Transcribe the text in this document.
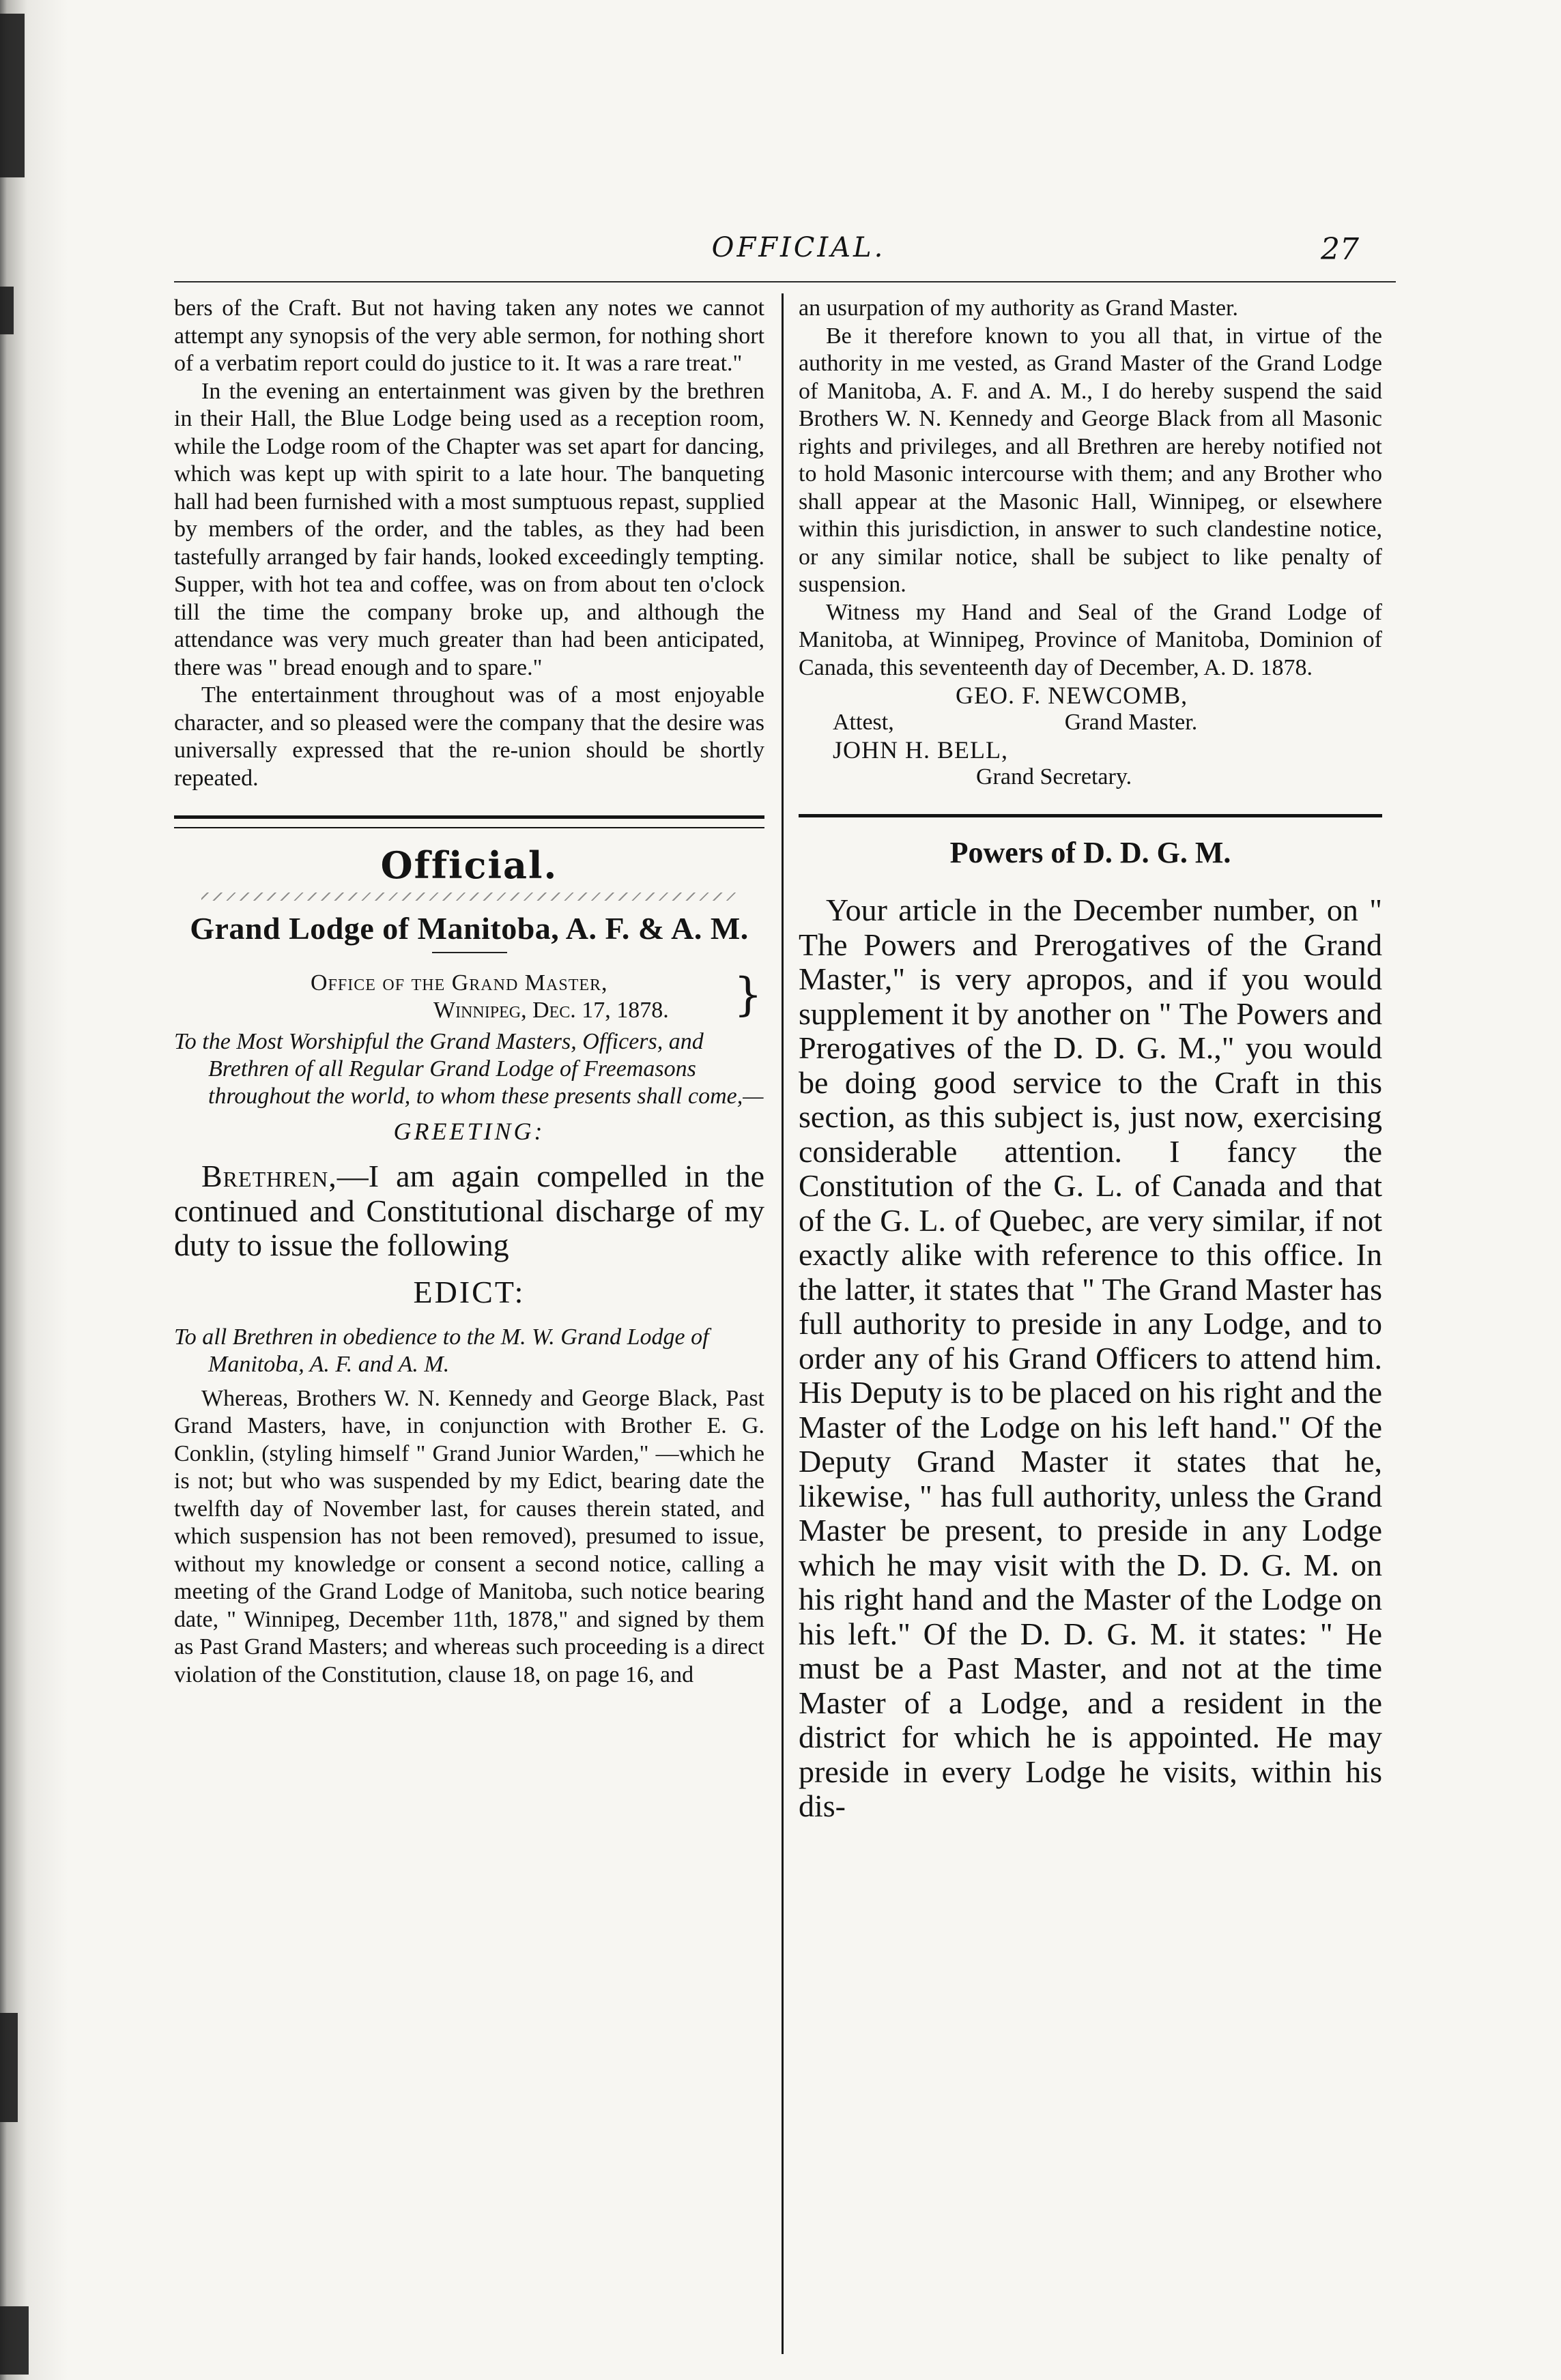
OFFICIAL.	27

bers of the Craft. But not having taken any notes we cannot attempt any synopsis of the very able sermon, for nothing short of a verbatim report could do justice to it. It was a rare treat."

In the evening an entertainment was given by the brethren in their Hall, the Blue Lodge being used as a reception room, while the Lodge room of the Chapter was set apart for dancing, which was kept up with spirit to a late hour. The banqueting hall had been furnished with a most sumptuous repast, supplied by members of the order, and the tables, as they had been tastefully arranged by fair hands, looked exceedingly tempting. Supper, with hot tea and coffee, was on from about ten o'clock till the time the company broke up, and although the attendance was very much greater than had been anticipated, there was " bread enough and to spare."

The entertainment throughout was of a most enjoyable character, and so pleased were the company that the desire was universally expressed that the re-union should be shortly repeated.

Official.
Grand Lodge of Manitoba, A. F. & A. M.
Office of the Grand Master,
Winnipeg, Dec. 17, 1878.	}

To the Most Worshipful the Grand Masters, Officers, and Brethren of all Regular Grand Lodge of Freemasons throughout the world, to whom these presents shall come,—

GREETING:

Brethren,—I am again compelled in the continued and Constitutional discharge of my duty to issue the following

EDICT:

To all Brethren in obedience to the M. W. Grand Lodge of Manitoba, A. F. and A. M.

Whereas, Brothers W. N. Kennedy and George Black, Past Grand Masters, have, in conjunction with Brother E. G. Conklin, (styling himself " Grand Junior Warden," —which he is not; but who was suspended by my Edict, bearing date the twelfth day of November last, for causes therein stated, and which suspension has not been removed), presumed to issue, without my knowledge or consent a second notice, calling a meeting of the Grand Lodge of Manitoba, such notice bearing date, " Winnipeg, December 11th, 1878," and signed by them as Past Grand Masters; and whereas such proceeding is a direct violation of the Constitution, clause 18, on page 16, and

an usurpation of my authority as Grand Master.

Be it therefore known to you all that, in virtue of the authority in me vested, as Grand Master of the Grand Lodge of Manitoba, A. F. and A. M., I do hereby suspend the said Brothers W. N. Kennedy and George Black from all Masonic rights and privileges, and all Brethren are hereby notified not to hold Masonic intercourse with them; and any Brother who shall appear at the Masonic Hall, Winnipeg, or elsewhere within this jurisdiction, in answer to such clandestine notice, or any similar notice, shall be subject to like penalty of suspension.

Witness my Hand and Seal of the Grand Lodge of Manitoba, at Winnipeg, Province of Manitoba, Dominion of Canada, this seventeenth day of December, A. D. 1878.

GEO. F. NEWCOMB,

Attest,	Grand Master.

JOHN H. BELL,

Grand Secretary.

Powers of D. D. G. M.

Your article in the December number, on " The Powers and Prerogatives of the Grand Master," is very apropos, and if you would supplement it by another on " The Powers and Prerogatives of the D. D. G. M.," you would be doing good service to the Craft in this section, as this subject is, just now, exercising considerable attention. I fancy the Constitution of the G. L. of Canada and that of the G. L. of Quebec, are very similar, if not exactly alike with reference to this office. In the latter, it states that " The Grand Master has full authority to preside in any Lodge, and to order any of his Grand Officers to attend him. His Deputy is to be placed on his right and the Master of the Lodge on his left hand." Of the Deputy Grand Master it states that he, likewise, " has full authority, unless the Grand Master be present, to preside in any Lodge which he may visit with the D. D. G. M. on his right hand and the Master of the Lodge on his left." Of the D. D. G. M. it states: " He must be a Past Master, and not at the time Master of a Lodge, and a resident in the district for which he is appointed. He may preside in every Lodge he visits, within his dis-
